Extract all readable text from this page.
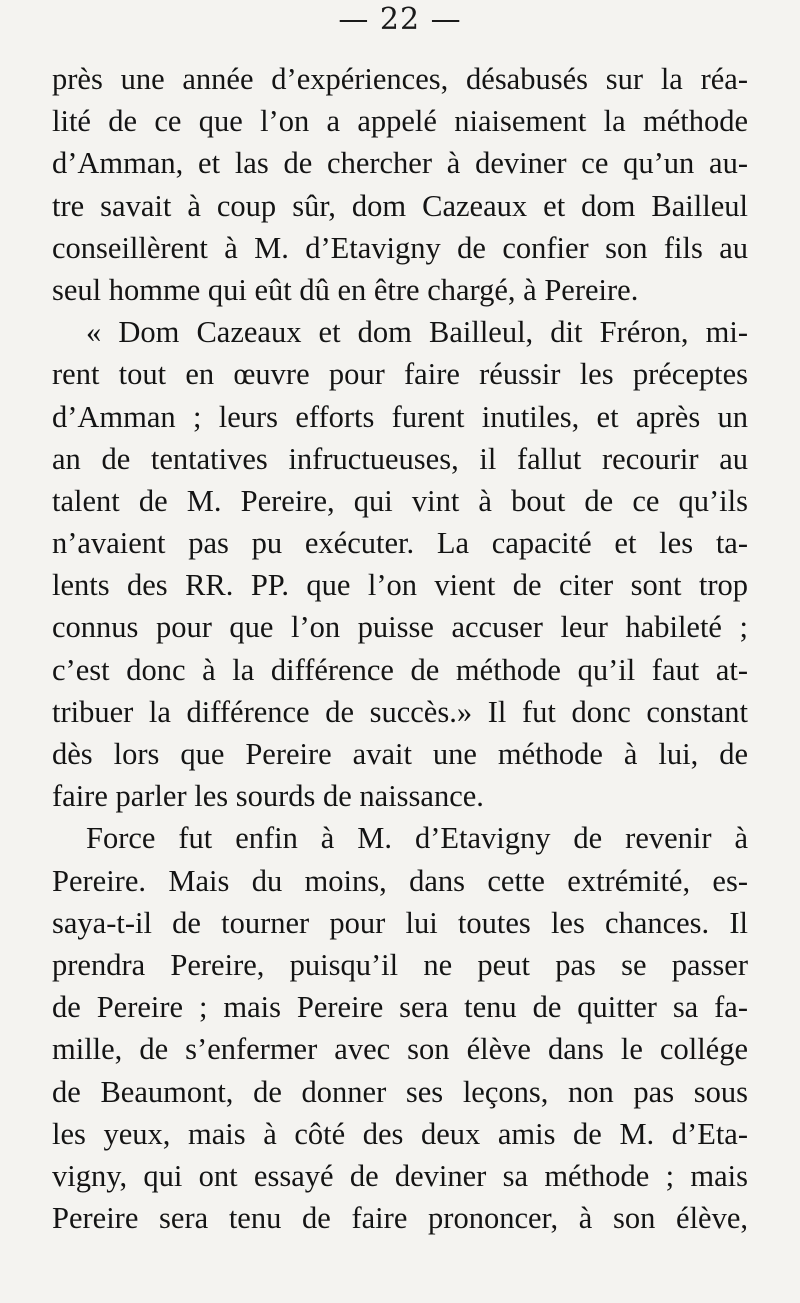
— 22 —
près une année d’expériences, désabusés sur la réa-
lité de ce que l’on a appelé niaisement la méthode
d’Amman, et las de chercher à deviner ce qu’un au-
tre savait à coup sûr, dom Cazeaux et dom Bailleul
conseillèrent à M. d’Etavigny de confier son fils au
seul homme qui eût dû en être chargé, à Pereire.
« Dom Cazeaux et dom Bailleul, dit Fréron, mi-
rent tout en œuvre pour faire réussir les préceptes
d’Amman ; leurs efforts furent inutiles, et après un
an de tentatives infructueuses, il fallut recourir au
talent de M. Pereire, qui vint à bout de ce qu’ils
n’avaient pas pu exécuter. La capacité et les ta-
lents des RR. PP. que l’on vient de citer sont trop
connus pour que l’on puisse accuser leur habileté ;
c’est donc à la différence de méthode qu’il faut at-
tribuer la différence de succès.» Il fut donc constant
dès lors que Pereire avait une méthode à lui, de
faire parler les sourds de naissance.
Force fut enfin à M. d’Etavigny de revenir à
Pereire. Mais du moins, dans cette extrémité, es-
saya-t-il de tourner pour lui toutes les chances. Il
prendra Pereire, puisqu’il ne peut pas se passer
de Pereire ; mais Pereire sera tenu de quitter sa fa-
mille, de s’enfermer avec son élève dans le collége
de Beaumont, de donner ses leçons, non pas sous
les yeux, mais à côté des deux amis de M. d’Eta-
vigny, qui ont essayé de deviner sa méthode ; mais
Pereire sera tenu de faire prononcer, à son élève,
